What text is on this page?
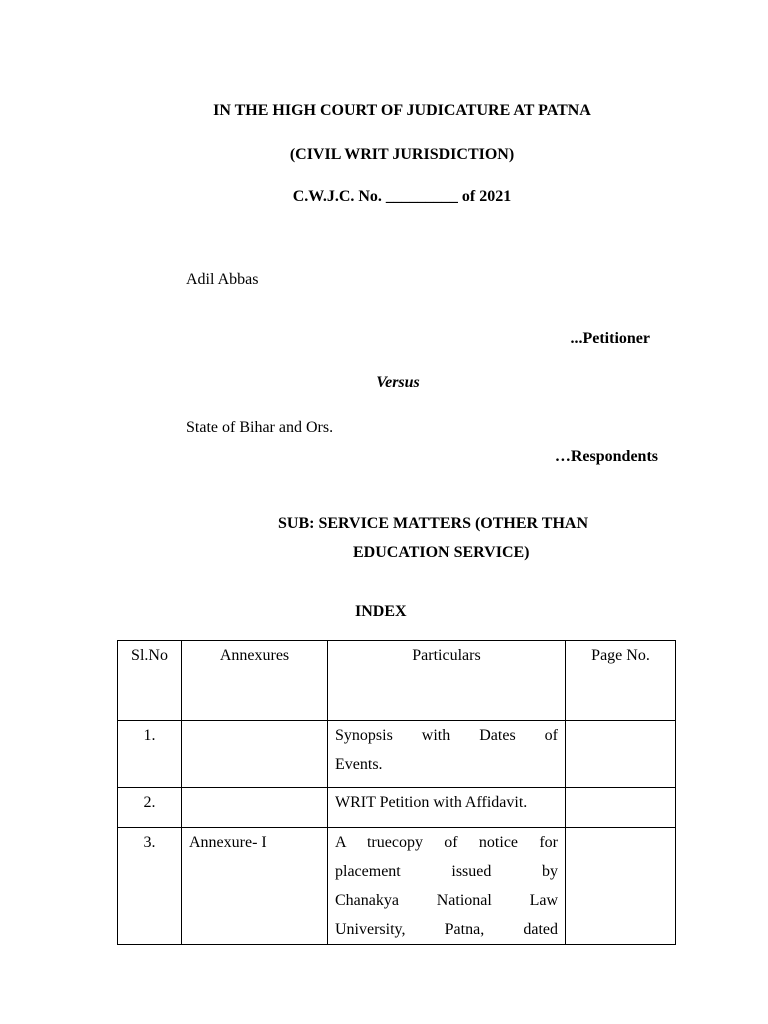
IN THE HIGH COURT OF JUDICATURE AT PATNA
(CIVIL WRIT JURISDICTION)
C.W.J.C. No. _________ of 2021
Adil Abbas
...Petitioner
Versus
State of Bihar and Ors.
…Respondents
SUB: SERVICE MATTERS (OTHER THAN
EDUCATION SERVICE)
INDEX
Sl.No	Annexures	Particulars	Page No.
1.		Synopsis with Dates of
Events.	

2.		WRIT Petition with Affidavit.	

3.	Annexure- I	A truecopy of notice for
placement issued by
Chanakya National Law
University, Patna, dated	
